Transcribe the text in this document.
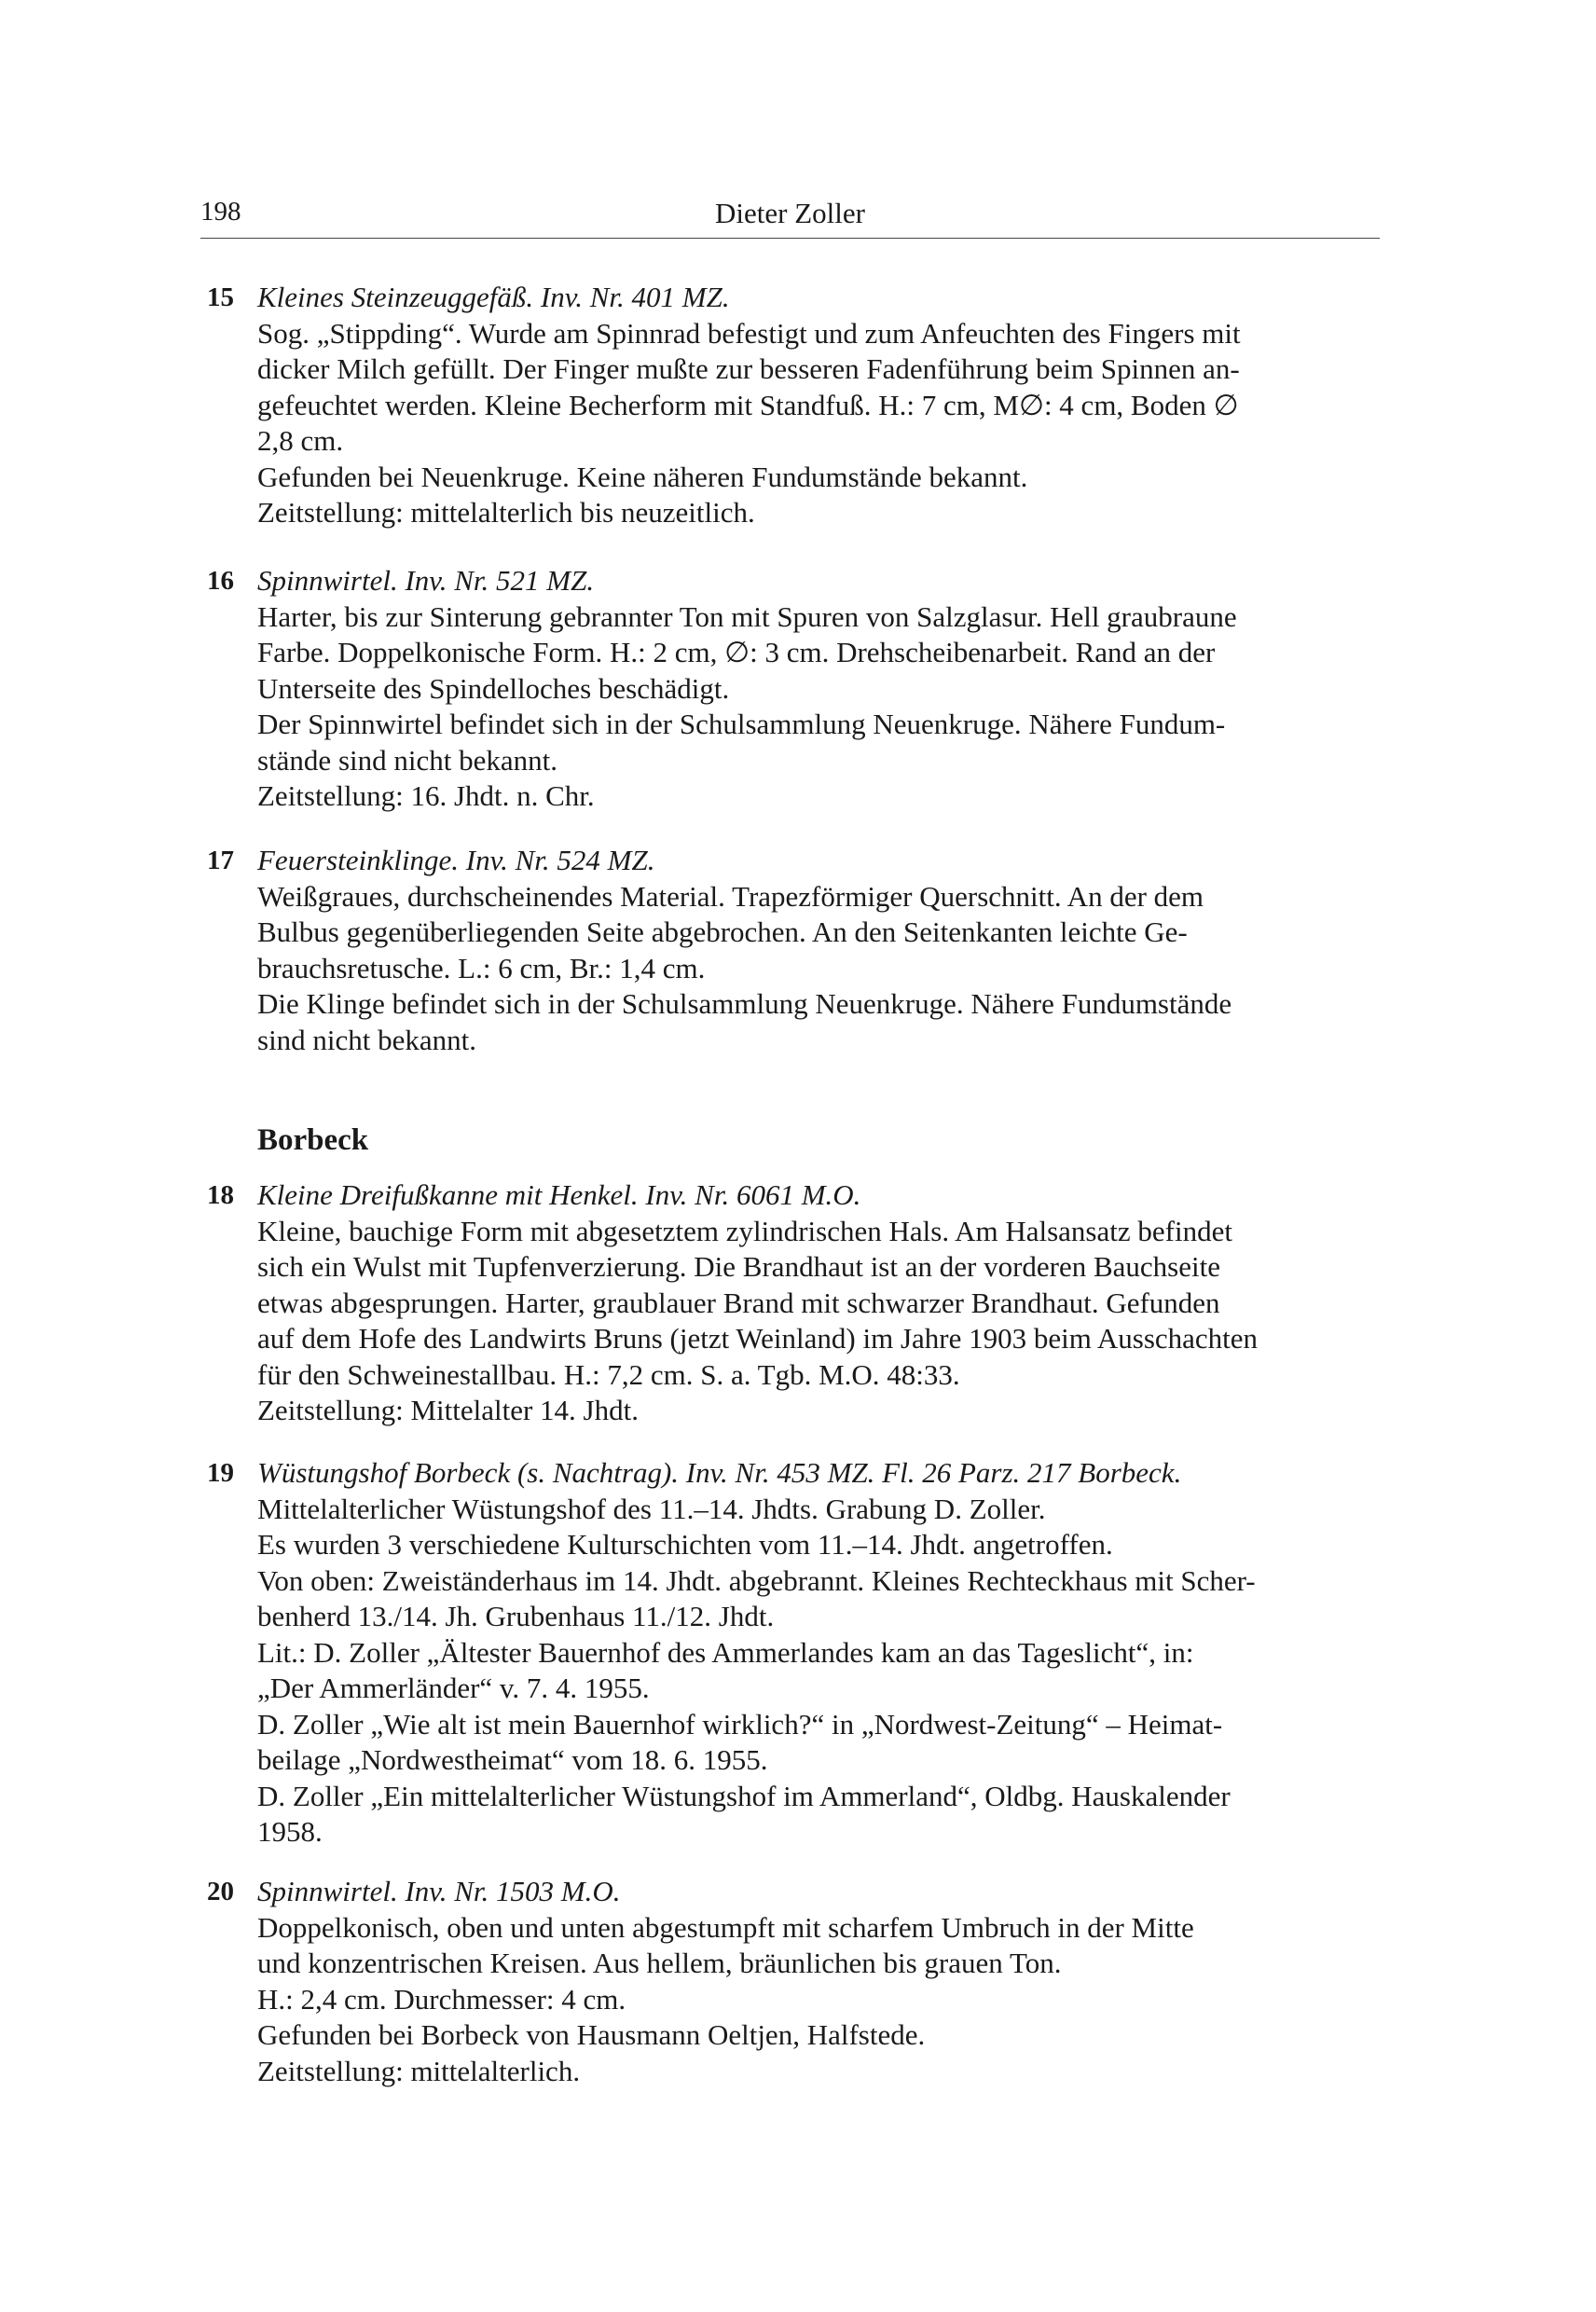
198	Dieter Zoller
15 Kleines Steinzeuggefäß. Inv. Nr. 401 MZ.
Sog. „Stippding“. Wurde am Spinnrad befestigt und zum Anfeuchten des Fingers mit
dicker Milch gefüllt. Der Finger mußte zur besseren Fadenführung beim Spinnen an-
gefeuchtet werden. Kleine Becherform mit Standfuß. H.: 7 cm, M∅: 4 cm, Boden ∅
2,8 cm.
Gefunden bei Neuenkruge. Keine näheren Fundumstände bekannt.
Zeitstellung: mittelalterlich bis neuzeitlich.
16 Spinnwirtel. Inv. Nr. 521 MZ.
Harter, bis zur Sinterung gebrannter Ton mit Spuren von Salzglasur. Hell graubraune
Farbe. Doppelkonische Form. H.: 2 cm, ∅: 3 cm. Drehscheibenarbeit. Rand an der
Unterseite des Spindelloches beschädigt.
Der Spinnwirtel befindet sich in der Schulsammlung Neuenkruge. Nähere Fundum-
stände sind nicht bekannt.
Zeitstellung: 16. Jhdt. n. Chr.
17 Feuersteinklinge. Inv. Nr. 524 MZ.
Weißgraues, durchscheinendes Material. Trapezförmiger Querschnitt. An der dem
Bulbus gegenüberliegenden Seite abgebrochen. An den Seitenkanten leichte Ge-
brauchsretusche. L.: 6 cm, Br.: 1,4 cm.
Die Klinge befindet sich in der Schulsammlung Neuenkruge. Nähere Fundumstände
sind nicht bekannt.
Borbeck
18 Kleine Dreifußkanne mit Henkel. Inv. Nr. 6061 M.O.
Kleine, bauchige Form mit abgesetztem zylindrischen Hals. Am Halsansatz befindet
sich ein Wulst mit Tupfenverzierung. Die Brandhaut ist an der vorderen Bauchseite
etwas abgesprungen. Harter, graublauer Brand mit schwarzer Brandhaut. Gefunden
auf dem Hofe des Landwirts Bruns (jetzt Weinland) im Jahre 1903 beim Ausschachten
für den Schweinestallbau. H.: 7,2 cm. S. a. Tgb. M.O. 48:33.
Zeitstellung: Mittelalter 14. Jhdt.
19 Wüstungshof Borbeck (s. Nachtrag). Inv. Nr. 453 MZ. Fl. 26 Parz. 217 Borbeck.
Mittelalterlicher Wüstungshof des 11.–14. Jhdts. Grabung D. Zoller.
Es wurden 3 verschiedene Kulturschichten vom 11.–14. Jhdt. angetroffen.
Von oben: Zweiständerhaus im 14. Jhdt. abgebrannt. Kleines Rechteckhaus mit Scher-
benherd 13./14. Jh. Grubenhaus 11./12. Jhdt.
Lit.: D. Zoller „Ältester Bauernhof des Ammerlandes kam an das Tageslicht“, in:
„Der Ammerländer“ v. 7. 4. 1955.
D. Zoller „Wie alt ist mein Bauernhof wirklich?“ in „Nordwest-Zeitung“ – Heimat-
beilage „Nordwestheimat“ vom 18. 6. 1955.
D. Zoller „Ein mittelalterlicher Wüstungshof im Ammerland“, Oldbg. Hauskalender
1958.
20 Spinnwirtel. Inv. Nr. 1503 M.O.
Doppelkonisch, oben und unten abgestumpft mit scharfem Umbruch in der Mitte
und konzentrischen Kreisen. Aus hellem, bräunlichen bis grauen Ton.
H.: 2,4 cm. Durchmesser: 4 cm.
Gefunden bei Borbeck von Hausmann Oeltjen, Halfstede.
Zeitstellung: mittelalterlich.
